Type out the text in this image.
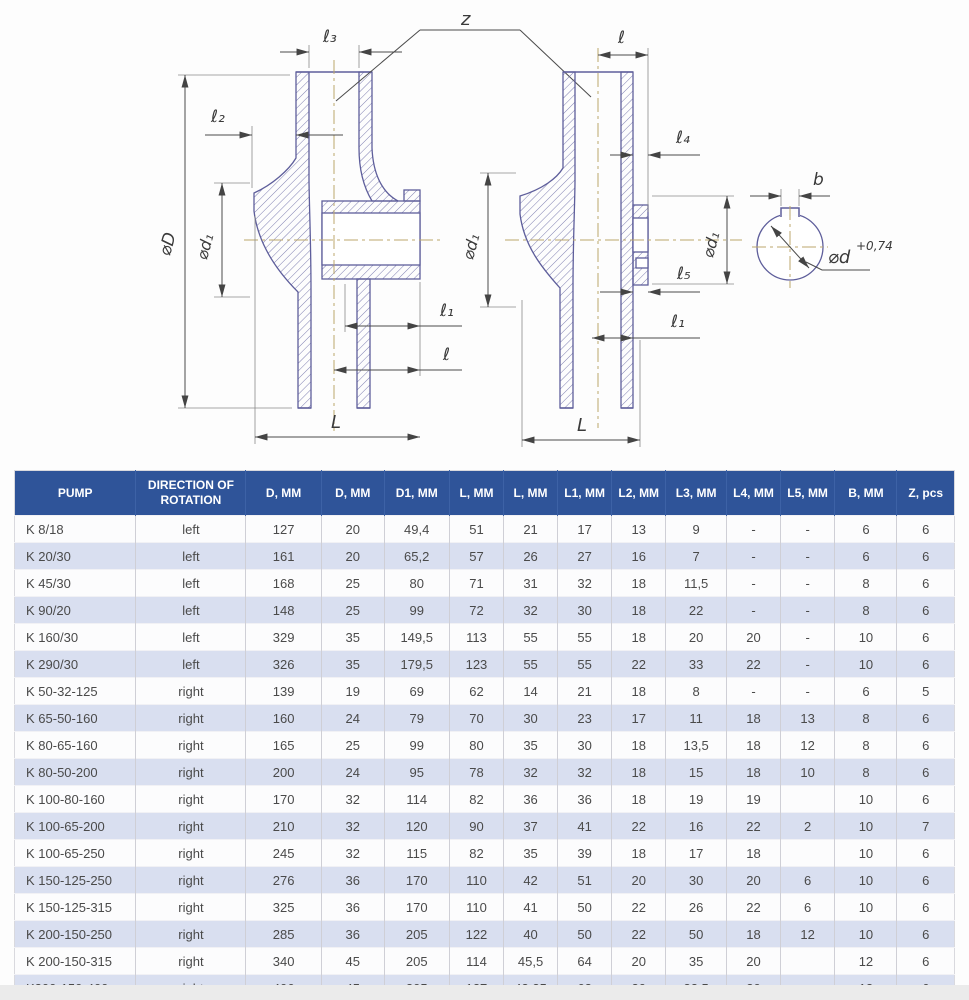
⌀D ⌀d₁
ℓ₂
ℓ₃
z
ℓ₁
ℓ
L
ℓ
ℓ₄
ℓ₅
ℓ₁
⌀d₁	⌀d₁
L
b
⌀d
+0,74
PUMP	DIRECTION OF ROTATION	D, MM	D, MM	D1, MM	L, MM	L, MM	L1, MM	L2, MM	L3, MM	L4, MM	L5, MM	B, MM	Z, pcs
K 8/18	left	127	20	49,4	51	21	17	13	9	-	-	6	6
K 20/30	left	161	20	65,2	57	26	27	16	7	-	-	6	6
K 45/30	left	168	25	80	71	31	32	18	11,5	-	-	8	6
K 90/20	left	148	25	99	72	32	30	18	22	-	-	8	6
K 160/30	left	329	35	149,5	113	55	55	18	20	20	-	10	6
K 290/30	left	326	35	179,5	123	55	55	22	33	22	-	10	6
K 50-32-125	right	139	19	69	62	14	21	18	8	-	-	6	5
K 65-50-160	right	160	24	79	70	30	23	17	11	18	13	8	6
K 80-65-160	right	165	25	99	80	35	30	18	13,5	18	12	8	6
K 80-50-200	right	200	24	95	78	32	32	18	15	18	10	8	6
K 100-80-160	right	170	32	114	82	36	36	18	19	19		10	6
K 100-65-200	right	210	32	120	90	37	41	22	16	22	2	10	7
K 100-65-250	right	245	32	115	82	35	39	18	17	18		10	6
K 150-125-250	right	276	36	170	110	42	51	20	30	20	6	10	6
K 150-125-315	right	325	36	170	110	41	50	22	26	22	6	10	6
K 200-150-250	right	285	36	205	122	40	50	22	50	18	12	10	6
K 200-150-315	right	340	45	205	114	45,5	64	20	35	20		12	6
